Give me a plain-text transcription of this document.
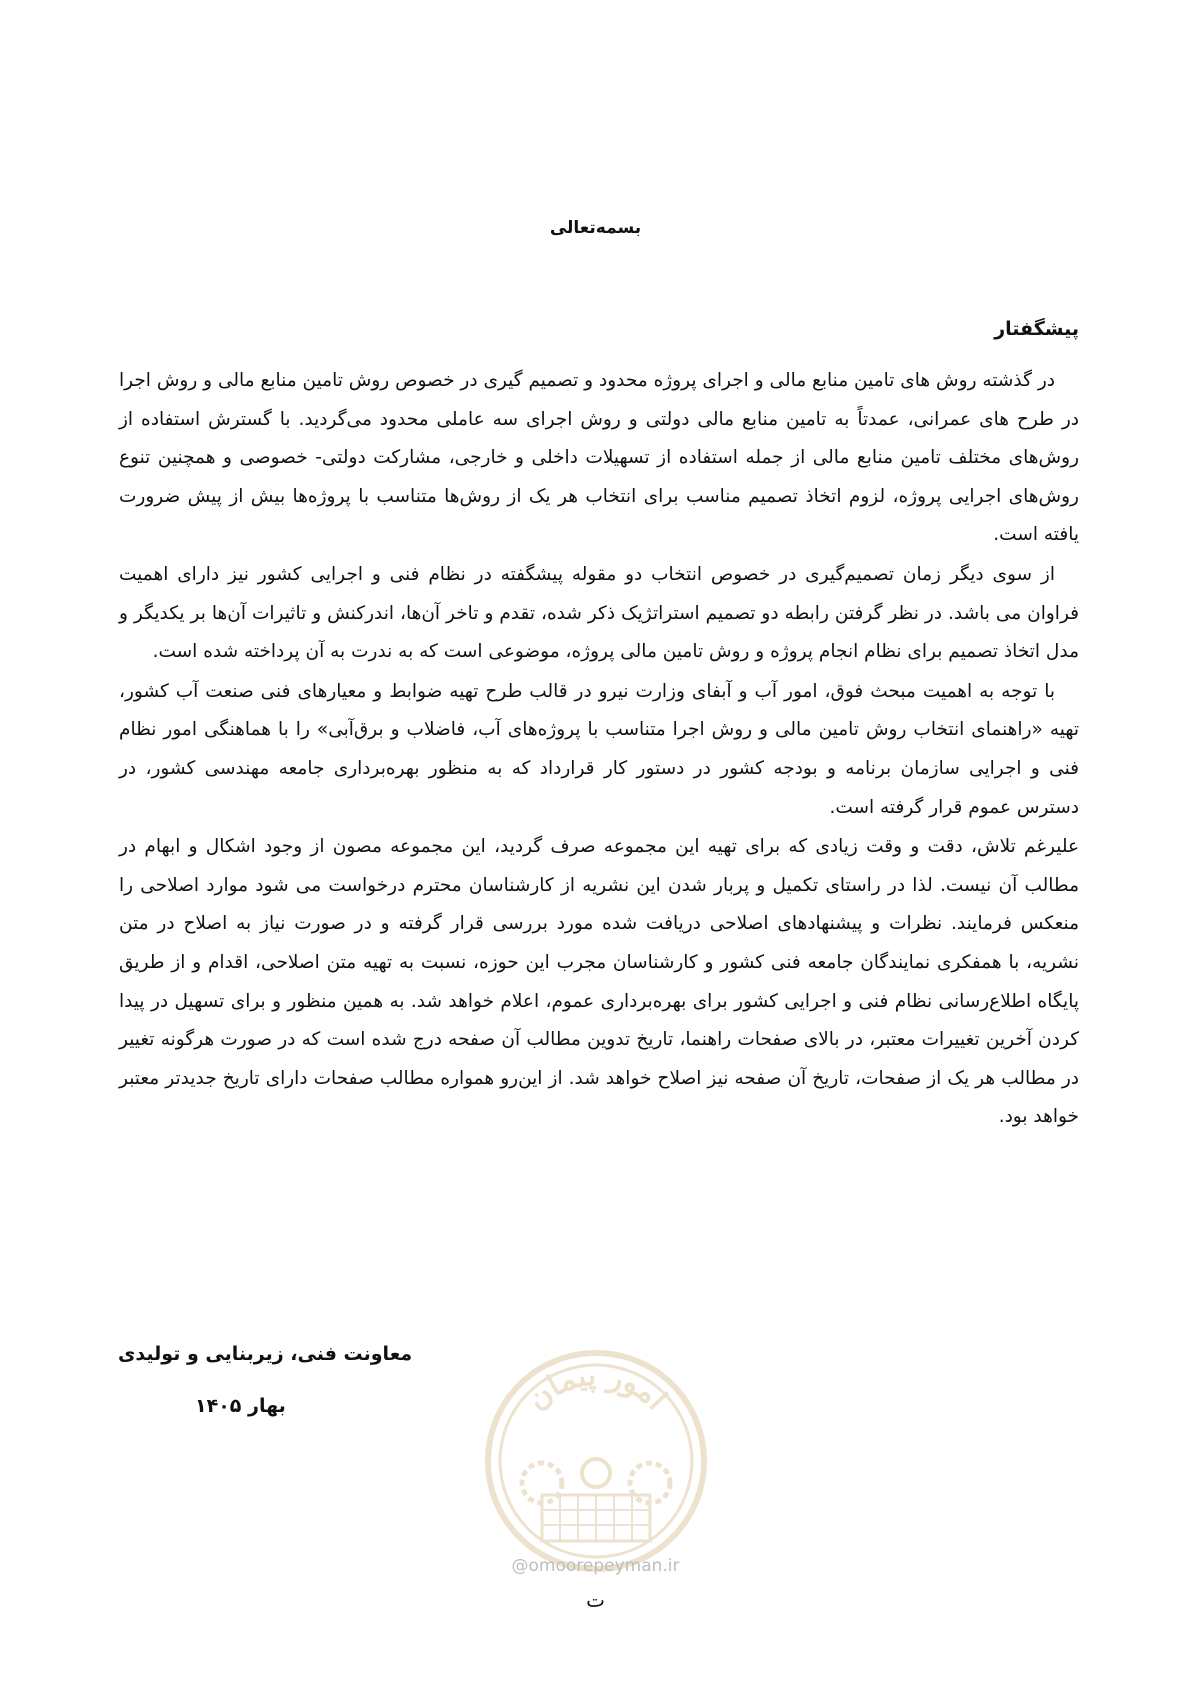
بسمه‌تعالی
پیشگفتار

در گذشته روش های تامین منابع مالی و اجرای پروژه محدود و تصمیم گیری در خصوص روش تامین منابع مالی و روش اجرا در طرح های عمرانی، عمدتاً به تامین منابع مالی دولتی و روش اجرای سه عاملی محدود می‌گردید. با گسترش استفاده از روش‌های مختلف تامین منابع مالی از جمله استفاده از تسهیلات داخلی و خارجی، مشارکت دولتی- خصوصی و همچنین تنوع روش‌های اجرایی پروژه، لزوم اتخاذ تصمیم مناسب برای انتخاب هر یک از روش‌ها متناسب با پروژه‌ها بیش از پیش ضرورت یافته است.

از سوی دیگر زمان تصمیم‌گیری در خصوص انتخاب دو مقوله پیشگفته در نظام فنی و اجرایی کشور نیز دارای اهمیت فراوان می باشد. در نظر گرفتن رابطه دو تصمیم استراتژیک ذکر شده، تقدم و تاخر آن‌ها، اندرکنش و تاثیرات آن‌ها بر یکدیگر و مدل اتخاذ تصمیم برای نظام انجام پروژه و روش تامین مالی پروژه، موضوعی است که به ندرت به آن پرداخته شده است.

با توجه به اهمیت مبحث فوق، امور آب و آبفای وزارت نیرو در قالب طرح تهیه ضوابط و معیارهای فنی صنعت آب کشور، تهیه «راهنمای انتخاب روش تامین مالی و روش اجرا متناسب با پروژه‌های آب، فاضلاب و برق‌آبی» را با هماهنگی امور نظام فنی و اجرایی سازمان برنامه و بودجه کشور در دستور کار قرارداد که به منظور بهره‌برداری جامعه مهندسی کشور، در دسترس عموم قرار گرفته است.

علیرغم تلاش، دقت و وقت زیادی که برای تهیه این مجموعه صرف گردید، این مجموعه مصون از وجود اشکال و ابهام در مطالب آن نیست. لذا در راستای تکمیل و پربار شدن این نشریه از کارشناسان محترم درخواست می شود موارد اصلاحی را منعکس فرمایند. نظرات و پیشنهادهای اصلاحی دریافت شده مورد بررسی قرار گرفته و در صورت نیاز به اصلاح در متن نشریه، با همفکری نمایندگان جامعه فنی کشور و کارشناسان مجرب این حوزه، نسبت به تهیه متن اصلاحی، اقدام و از طریق پایگاه اطلاع‌رسانی نظام فنی و اجرایی کشور برای بهره‌برداری عموم، اعلام خواهد شد. به همین منظور و برای تسهیل در پیدا کردن آخرین تغییرات معتبر، در بالای صفحات راهنما، تاریخ تدوین مطالب آن صفحه درج شده است که در صورت هرگونه تغییر در مطالب هر یک از صفحات، تاریخ آن صفحه نیز اصلاح خواهد شد. از این‌رو همواره مطالب صفحات دارای تاریخ جدیدتر معتبر خواهد بود.

معاونت فنی، زیربنایی و تولیدی
بهار ۱۴۰۵	امور پیمان
@omoorepeyman.ir
ت
